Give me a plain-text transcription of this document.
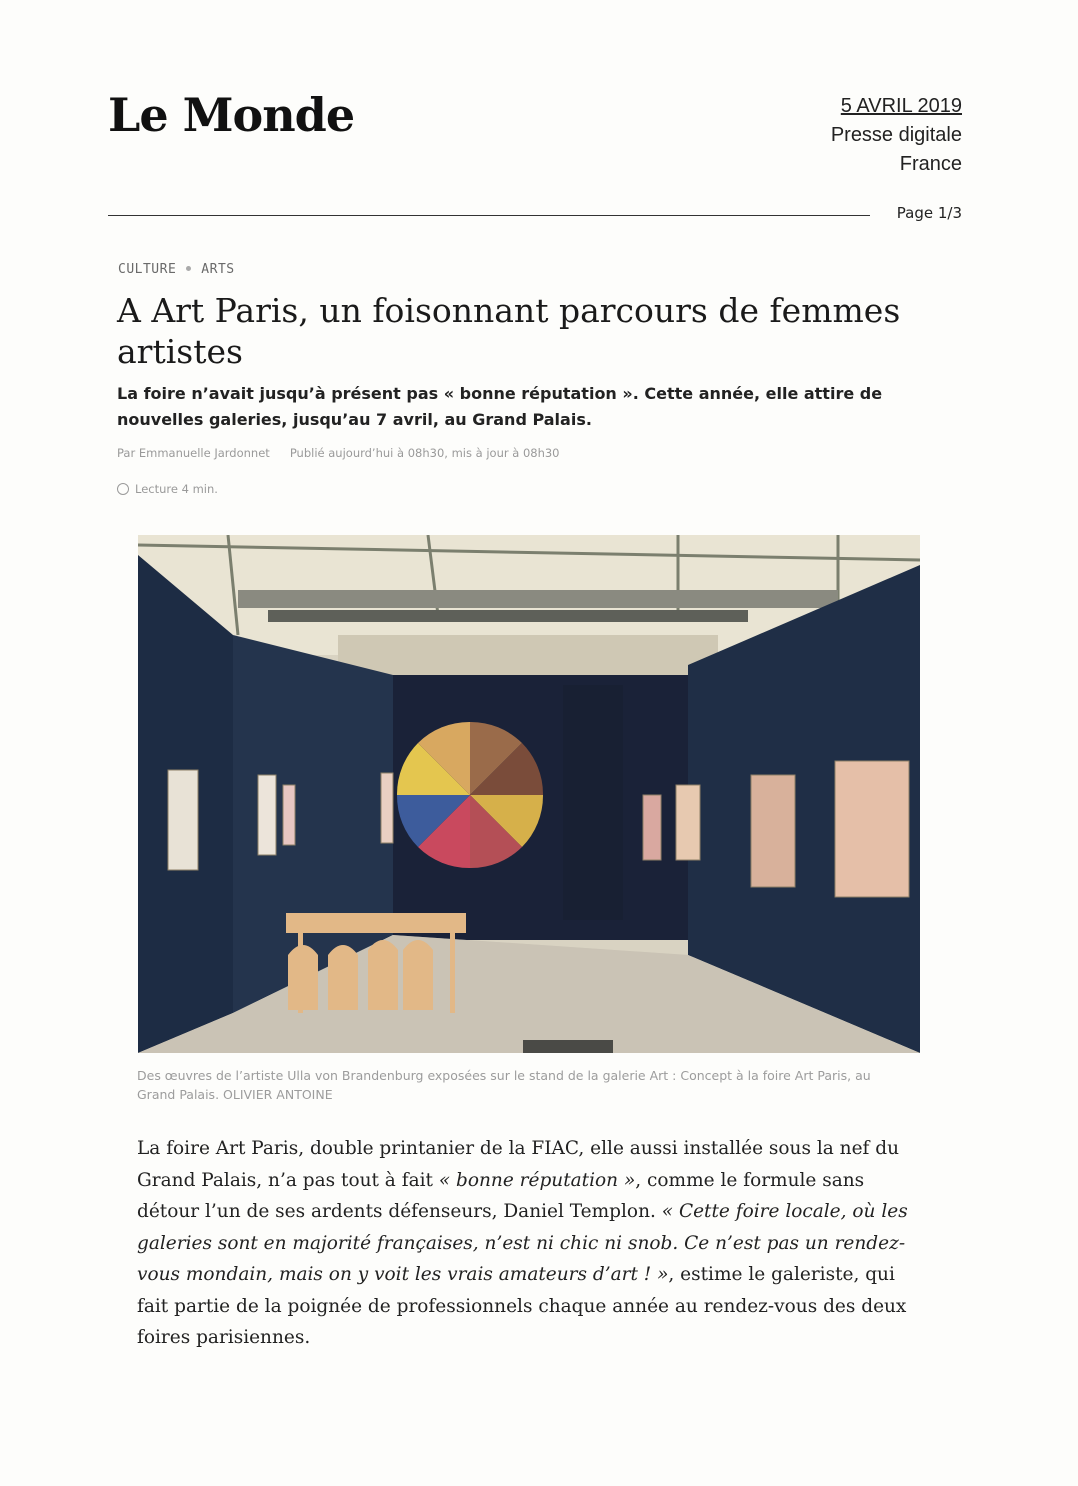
Le Monde	5 AVRIL 2019
Presse digitale
France
Page 1/3
CULTURE ARTS
A Art Paris, un foisonnant parcours de femmes artistes

La foire n’avait jusqu’à présent pas « bonne réputation ». Cette année, elle attire de nouvelles galeries, jusqu’au 7 avril, au Grand Palais.

Par Emmanuelle Jardonnet Publié aujourd’hui à 08h30, mis à jour à 08h30
Lecture 4 min.
Des œuvres de l’artiste Ulla von Brandenburg exposées sur le stand de la galerie Art : Concept à la foire Art Paris, au Grand Palais. OLIVIER ANTOINE

La foire Art Paris, double printanier de la FIAC, elle aussi installée sous la nef du Grand Palais, n’a pas tout à fait « bonne réputation », comme le formule sans détour l’un de ses ardents défenseurs, Daniel Templon. « Cette foire locale, où les galeries sont en majorité françaises, n’est ni chic ni snob. Ce n’est pas un rendez-vous mondain, mais on y voit les vrais amateurs d’art ! », estime le galeriste, qui fait partie de la poignée de professionnels chaque année au rendez-vous des deux foires parisiennes.
